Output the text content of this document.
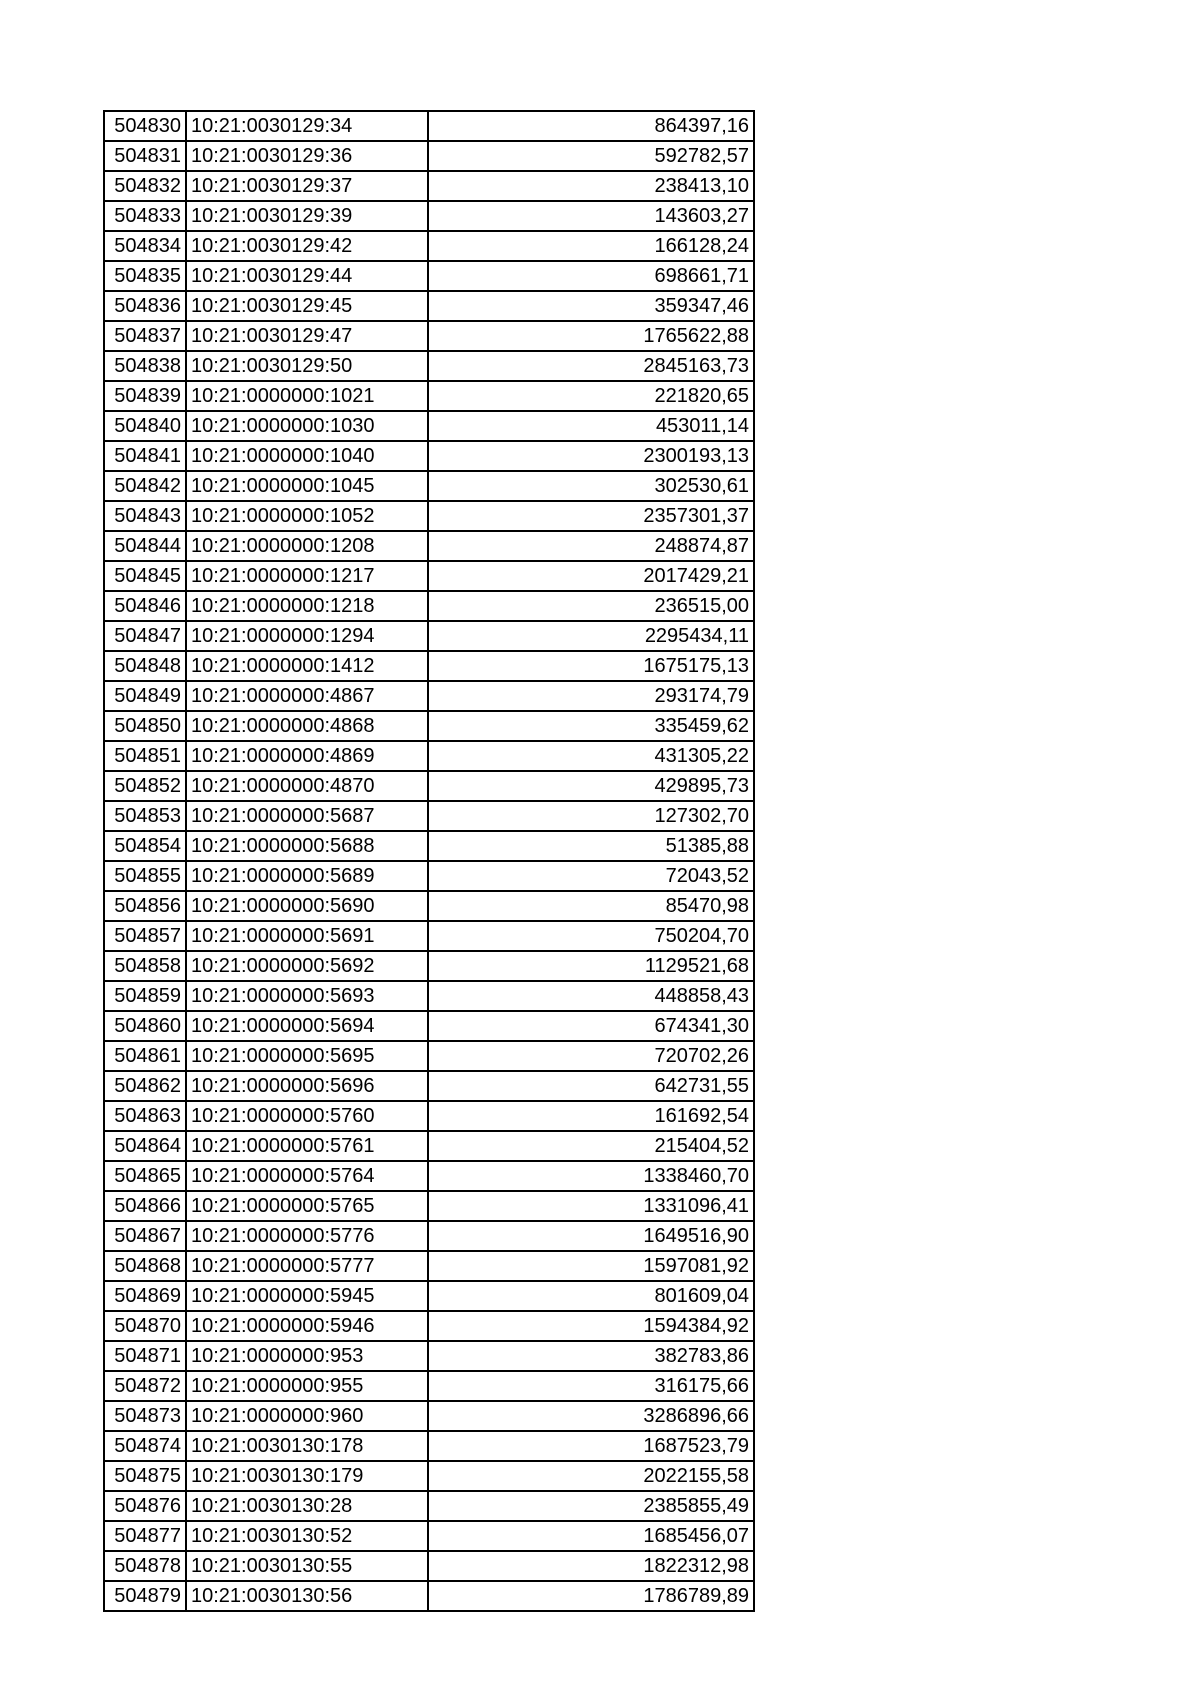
504830	10:21:0030129:34	864397,16
504831	10:21:0030129:36	592782,57
504832	10:21:0030129:37	238413,10
504833	10:21:0030129:39	143603,27
504834	10:21:0030129:42	166128,24
504835	10:21:0030129:44	698661,71
504836	10:21:0030129:45	359347,46
504837	10:21:0030129:47	1765622,88
504838	10:21:0030129:50	2845163,73
504839	10:21:0000000:1021	221820,65
504840	10:21:0000000:1030	453011,14
504841	10:21:0000000:1040	2300193,13
504842	10:21:0000000:1045	302530,61
504843	10:21:0000000:1052	2357301,37
504844	10:21:0000000:1208	248874,87
504845	10:21:0000000:1217	2017429,21
504846	10:21:0000000:1218	236515,00
504847	10:21:0000000:1294	2295434,11
504848	10:21:0000000:1412	1675175,13
504849	10:21:0000000:4867	293174,79
504850	10:21:0000000:4868	335459,62
504851	10:21:0000000:4869	431305,22
504852	10:21:0000000:4870	429895,73
504853	10:21:0000000:5687	127302,70
504854	10:21:0000000:5688	51385,88
504855	10:21:0000000:5689	72043,52
504856	10:21:0000000:5690	85470,98
504857	10:21:0000000:5691	750204,70
504858	10:21:0000000:5692	1129521,68
504859	10:21:0000000:5693	448858,43
504860	10:21:0000000:5694	674341,30
504861	10:21:0000000:5695	720702,26
504862	10:21:0000000:5696	642731,55
504863	10:21:0000000:5760	161692,54
504864	10:21:0000000:5761	215404,52
504865	10:21:0000000:5764	1338460,70
504866	10:21:0000000:5765	1331096,41
504867	10:21:0000000:5776	1649516,90
504868	10:21:0000000:5777	1597081,92
504869	10:21:0000000:5945	801609,04
504870	10:21:0000000:5946	1594384,92
504871	10:21:0000000:953	382783,86
504872	10:21:0000000:955	316175,66
504873	10:21:0000000:960	3286896,66
504874	10:21:0030130:178	1687523,79
504875	10:21:0030130:179	2022155,58
504876	10:21:0030130:28	2385855,49
504877	10:21:0030130:52	1685456,07
504878	10:21:0030130:55	1822312,98
504879	10:21:0030130:56	1786789,89
